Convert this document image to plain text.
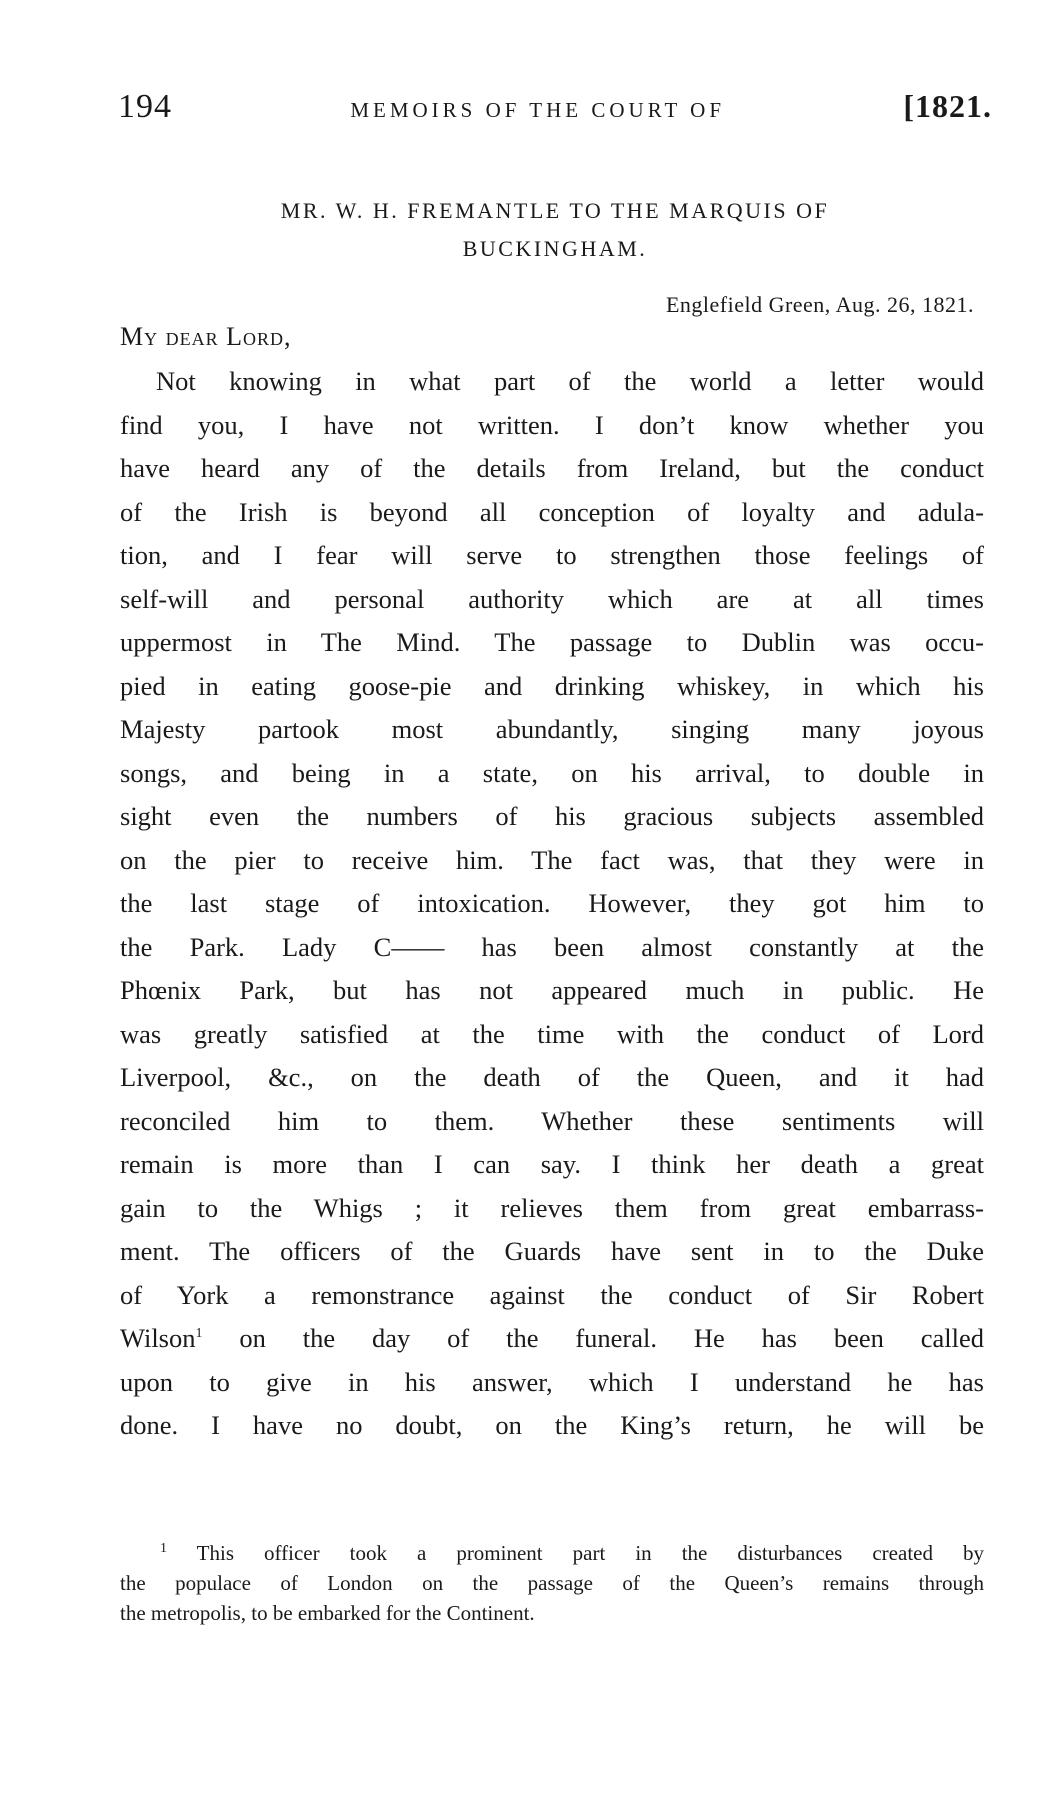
194	MEMOIRS OF THE COURT OF	[1821.
MR. W. H. FREMANTLE TO THE MARQUIS OF
BUCKINGHAM.
Englefield Green, Aug. 26, 1821.
My dear Lord,
Not knowing in what part of the world a letter would
find you, I have not written. I don’t know whether you
have heard any of the details from Ireland, but the conduct
of the Irish is beyond all conception of loyalty and adula-
tion, and I fear will serve to strengthen those feelings of
self-will and personal authority which are at all times
uppermost in The Mind. The passage to Dublin was occu-
pied in eating goose-pie and drinking whiskey, in which his
Majesty partook most abundantly, singing many joyous
songs, and being in a state, on his arrival, to double in
sight even the numbers of his gracious subjects assembled
on the pier to receive him. The fact was, that they were in
the last stage of intoxication. However, they got him to
the Park. Lady C—— has been almost constantly at the
Phœnix Park, but has not appeared much in public. He
was greatly satisfied at the time with the conduct of Lord
Liverpool, &c., on the death of the Queen, and it had
reconciled him to them. Whether these sentiments will
remain is more than I can say. I think her death a great
gain to the Whigs ; it relieves them from great embarrass-
ment. The officers of the Guards have sent in to the Duke
of York a remonstrance against the conduct of Sir Robert
Wilson$^1$ on the day of the funeral. He has been called
upon to give in his answer, which I understand he has
done. I have no doubt, on the King’s return, he will be
$^1$ This officer took a prominent part in the disturbances created by
the populace of London on the passage of the Queen’s remains through
the metropolis, to be embarked for the Continent.
